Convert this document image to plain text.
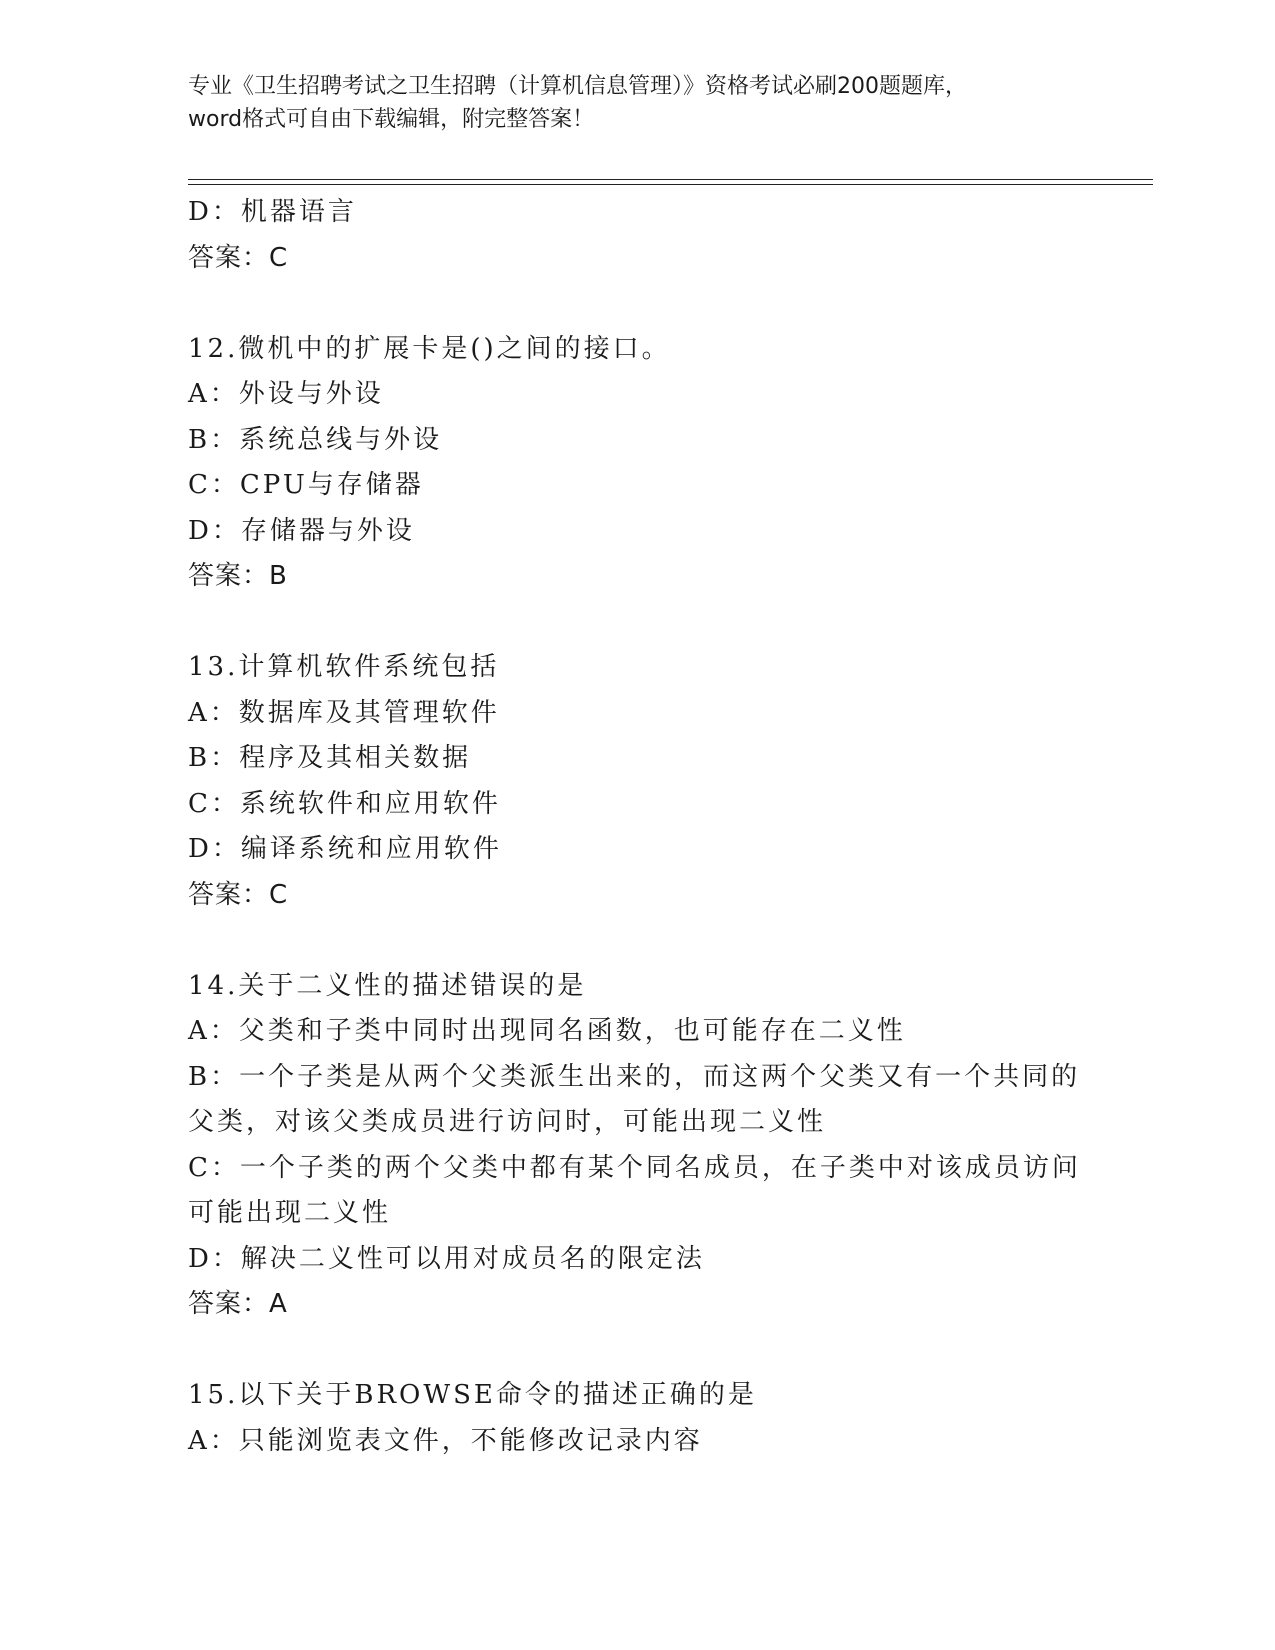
专业《卫生招聘考试之卫生招聘（计算机信息管理）》资格考试必刷200题题库，
word格式可自由下载编辑，附完整答案！
D：机器语言
答案：C
12.微机中的扩展卡是()之间的接口。
A：外设与外设
B：系统总线与外设
C：CPU与存储器
D：存储器与外设
答案：B
13.计算机软件系统包括
A：数据库及其管理软件
B：程序及其相关数据
C：系统软件和应用软件
D：编译系统和应用软件
答案：C
14.关于二义性的描述错误的是
A：父类和子类中同时出现同名函数，也可能存在二义性
B：一个子类是从两个父类派生出来的，而这两个父类又有一个共同的
父类，对该父类成员进行访问时，可能出现二义性
C：一个子类的两个父类中都有某个同名成员，在子类中对该成员访问
可能出现二义性
D：解决二义性可以用对成员名的限定法
答案：A
15.以下关于BROWSE命令的描述正确的是
A：只能浏览表文件，不能修改记录内容
